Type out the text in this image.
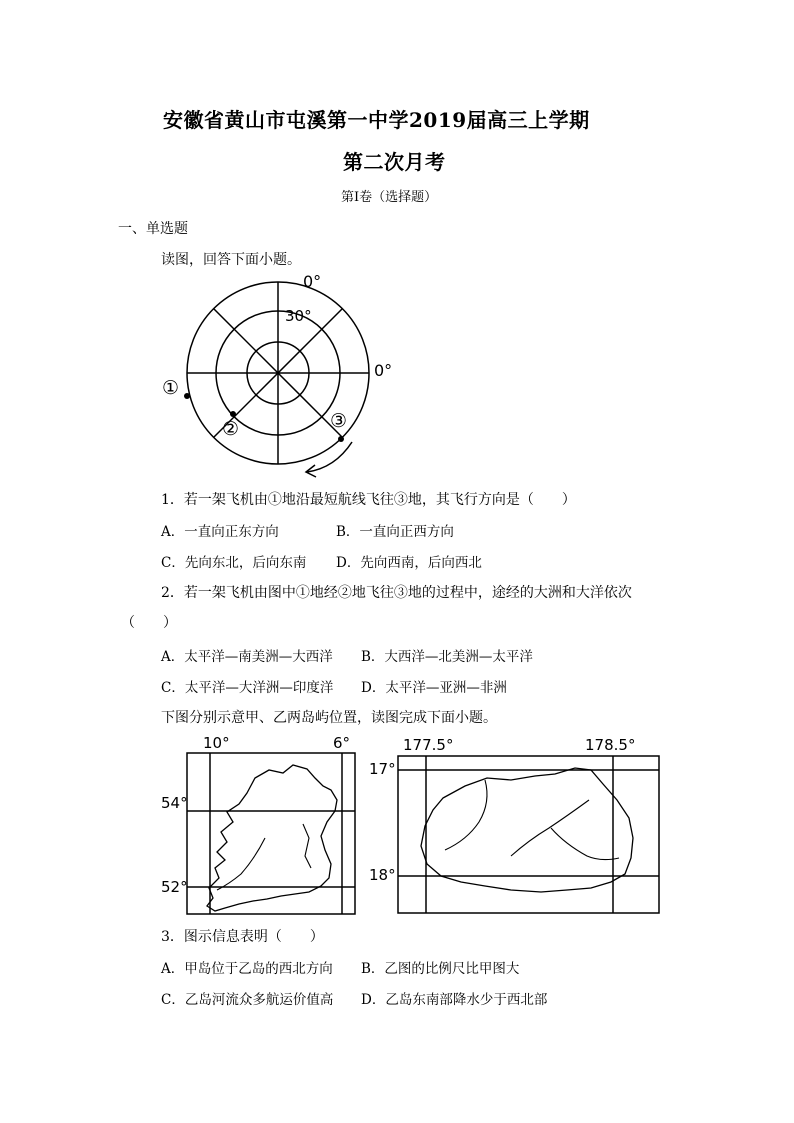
安徽省黄山市屯溪第一中学2019届高三上学期
第二次月考
第Ⅰ卷（选择题）
一、单选题
读图，回答下面小题。
0°
30°
0°
①
②	③
1．若一架飞机由①地沿最短航线飞往③地，其飞行方向是（　　）
A．一直向正东方向	B．一直向正西方向
C．先向东北，后向东南 D．先向西南，后向西北
2．若一架飞机由图中①地经②地飞往③地的过程中，途经的大洲和大洋依次
（　　）
A．太平洋—南美洲—大西洋 B．大西洋—北美洲—太平洋
C．太平洋—大洋洲—印度洋 D．太平洋—亚洲—非洲
下图分别示意甲、乙两岛屿位置，读图完成下面小题。
10°	6°
54°
52°
177.5°	178.5°
17°
18°
3．图示信息表明（　　）
A．甲岛位于乙岛的西北方向 B．乙图的比例尺比甲图大
C．乙岛河流众多航运价值高 D．乙岛东南部降水少于西北部
